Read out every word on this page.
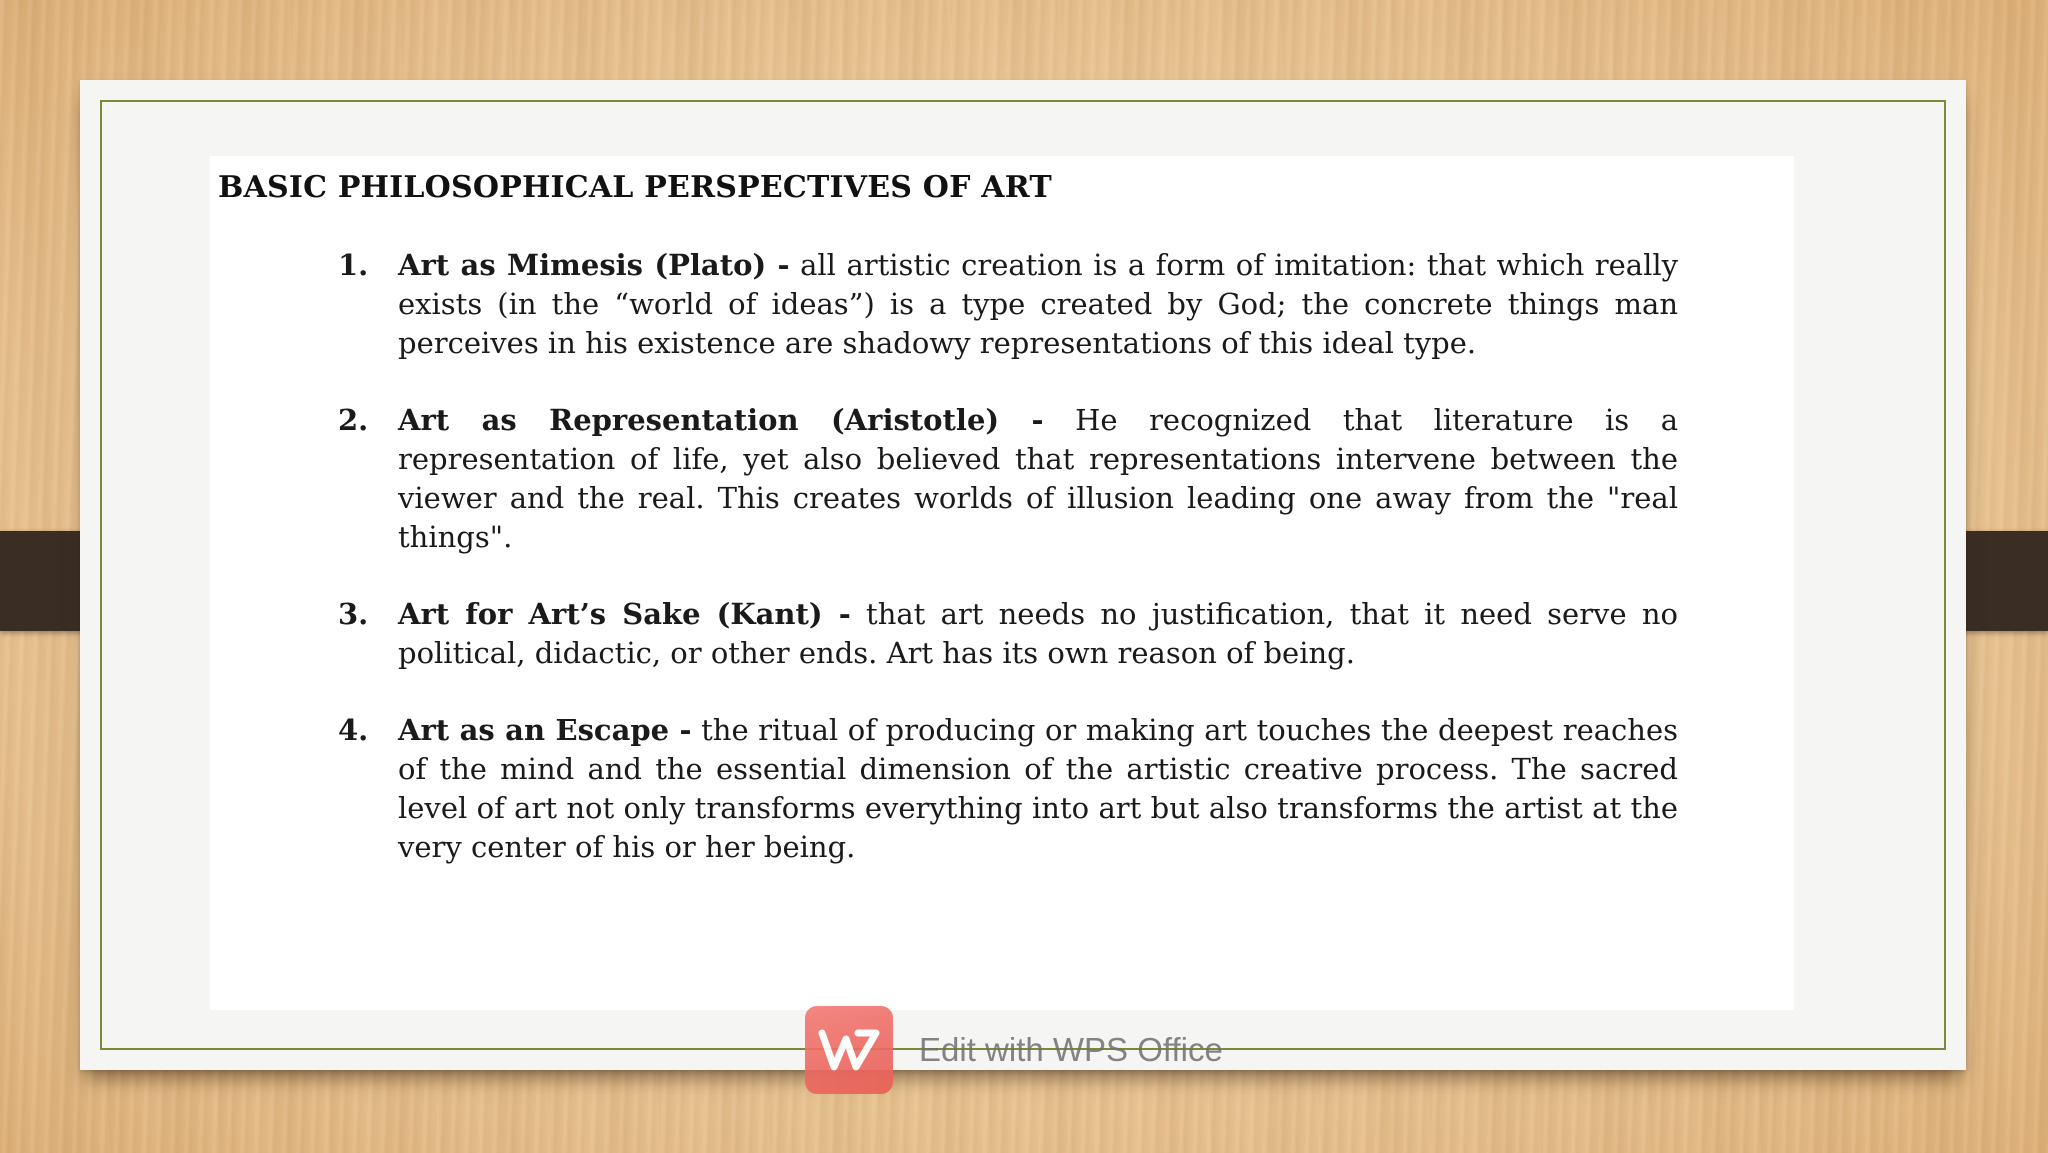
BASIC PHILOSOPHICAL PERSPECTIVES OF ART
1. Art as Mimesis (Plato) - all artistic creation is a form of imitation: that which really exists (in the “world of ideas”) is a type created by God; the concrete things man perceives in his existence are shadowy representations of this ideal type.
2. Art as Representation (Aristotle) - He recognized that literature is a representation of life, yet also believed that representations intervene between the viewer and the real. This creates worlds of illusion leading one away from the "real things".
3. Art for Art’s Sake (Kant) - that art needs no justification, that it need serve no political, didactic, or other ends. Art has its own reason of being.
4. Art as an Escape - the ritual of producing or making art touches the deepest reaches of the mind and the essential dimension of the artistic creative process. The sacred level of art not only transforms everything into art but also transforms the artist at the very center of his or her being.
Edit with WPS Office
